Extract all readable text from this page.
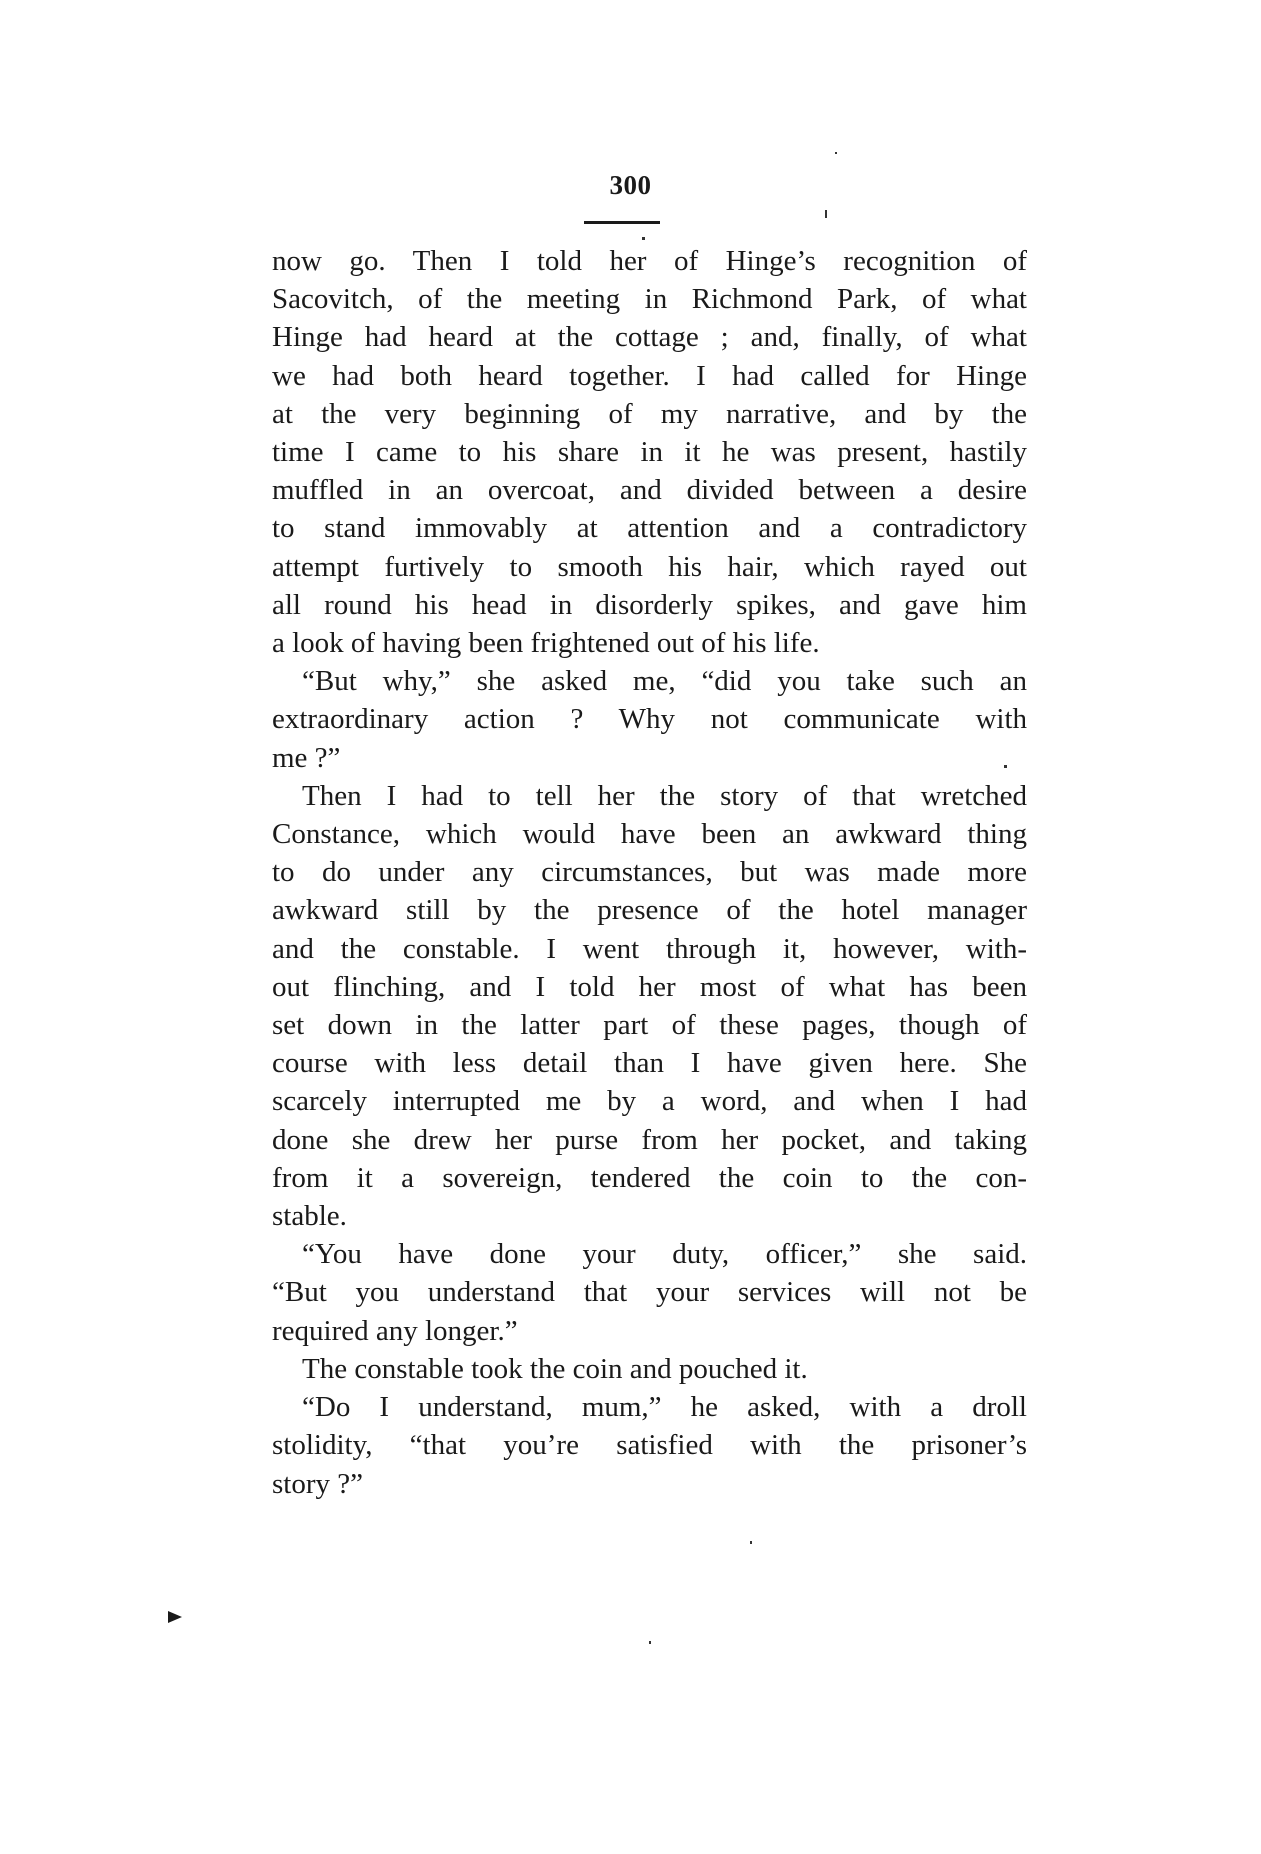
300
now go. Then I told her of Hinge’s recognition of
Sacovitch, of the meeting in Richmond Park, of what
Hinge had heard at the cottage ; and, finally, of what
we had both heard together. I had called for Hinge
at the very beginning of my narrative, and by the
time I came to his share in it he was present, hastily
muffled in an overcoat, and divided between a desire
to stand immovably at attention and a contradictory
attempt furtively to smooth his hair, which rayed out
all round his head in disorderly spikes, and gave him
a look of having been frightened out of his life.
“But why,” she asked me, “did you take such an
extraordinary action ? Why not communicate with
me ?”
Then I had to tell her the story of that wretched
Constance, which would have been an awkward thing
to do under any circumstances, but was made more
awkward still by the presence of the hotel manager
and the constable. I went through it, however, with-
out flinching, and I told her most of what has been
set down in the latter part of these pages, though of
course with less detail than I have given here. She
scarcely interrupted me by a word, and when I had
done she drew her purse from her pocket, and taking
from it a sovereign, tendered the coin to the con-
stable.
“You have done your duty, officer,” she said.
“But you understand that your services will not be
required any longer.”
The constable took the coin and pouched it.
“Do I understand, mum,” he asked, with a droll
stolidity, “that you’re satisfied with the prisoner’s
story ?”
